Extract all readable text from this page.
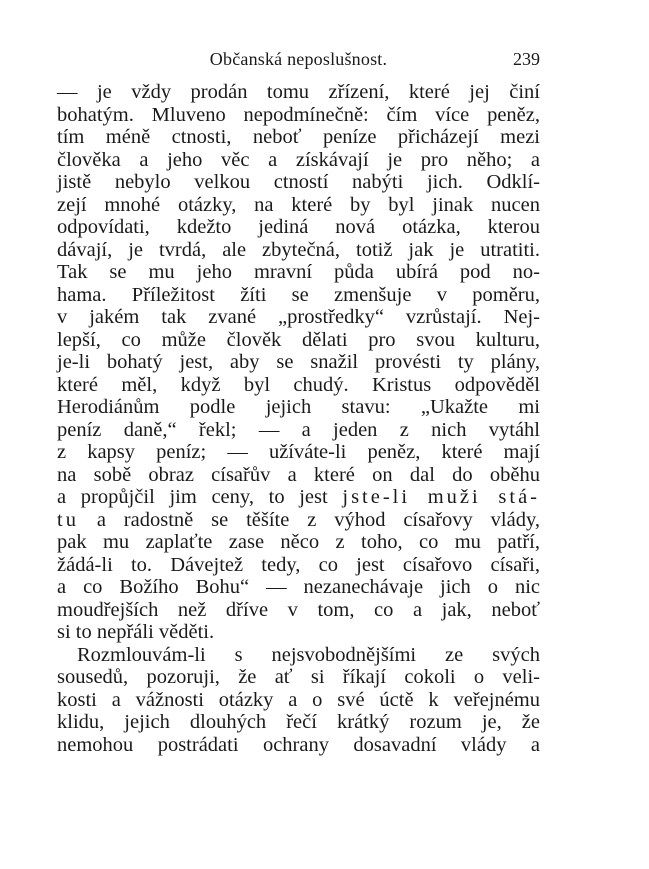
Občanská neposlušnost.	239
— je vždy prodán tomu zřízení, které jej činí
bohatým. Mluveno nepodmínečně: čím více peněz,
tím méně ctnosti, neboť peníze přicházejí mezi
člověka a jeho věc a získávají je pro něho; a
jistě nebylo velkou ctností nabýti jich. Odklí-
zejí mnohé otázky, na které by byl jinak nucen
odpovídati, kdežto jediná nová otázka, kterou
dávají, je tvrdá, ale zbytečná, totiž jak je utratiti.
Tak se mu jeho mravní půda ubírá pod no-
hama. Příležitost žíti se zmenšuje v poměru,
v jakém tak zvané „prostředky“ vzrůstají. Nej-
lepší, co může člověk dělati pro svou kulturu,
je-li bohatý jest, aby se snažil provésti ty plány,
které měl, když byl chudý. Kristus odpověděl
Herodiánům podle jejich stavu: „Ukažte mi
peníz daně,“ řekl; — a jeden z nich vytáhl
z kapsy peníz; — užíváte-li peněz, které mají
na sobě obraz císařův a které on dal do oběhu
a propůjčil jim ceny, to jest jste-li muži stá-
tu a radostně se těšíte z výhod císařovy vlády,
pak mu zaplaťte zase něco z toho, co mu patří,
žádá-li to. Dávejtež tedy, co jest císařovo císaři,
a co Božího Bohu“ — nezanechávaje jich o nic
moudřejších než dříve v tom, co a jak, neboť
si to nepřáli věděti.
Rozmlouvám-li s nejsvobodnějšími ze svých
sousedů, pozoruji, že ať si říkají cokoli o veli-
kosti a vážnosti otázky a o své úctě k veřejnému
klidu, jejich dlouhých řečí krátký rozum je, že
nemohou postrádati ochrany dosavadní vlády a
